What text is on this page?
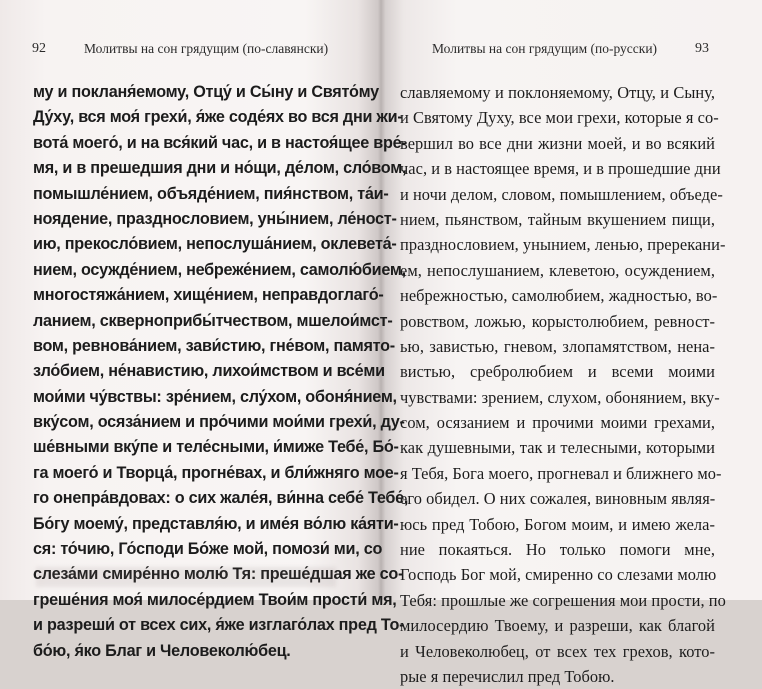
92	Молитвы на сон грядущим (по-славянски)
му и покланя́емому, Отцу́ и Сы́ну и Свято́му
Ду́ху, вся моя́ грехи́, я́же соде́ях во вся дни жи-
вота́ моего́, и на вся́кий час, и в настоя́щее вре́-
мя, и в прешедшия дни и но́щи, де́лом, сло́вом,
помышле́нием, объяде́нием, пия́нством, та́и-
ноядение, празднословием, уны́нием, ле́ност-
ию, прекосло́вием, непослуша́нием, оклевета́-
нием, осужде́нием, небреже́нием, самолю́бием,
многостяжа́нием, хище́нием, неправдоглаго́-
ланием, скверноприбы́тчеством, мшелои́мст-
вом, ревнова́нием, зави́стию, гне́вом, памято-
зло́бием, не́навистию, лихои́мством и все́ми
мои́ми чу́вствы: зре́нием, слу́хом, обоня́нием,
вку́сом, осяза́нием и про́чими мои́ми грехи́, ду-
ше́вными вку́пе и теле́сными, и́миже Тебе́, Бо́-
га моего́ и Творца́, прогне́вах, и бли́жняго мое-
го онепра́вдовах: о сих жале́я, ви́нна себе́ Тебе́,
Бо́гу моему́, представля́ю, и име́я во́лю ка́яти-
ся: то́чию, Го́споди Бо́же мой, помози́ ми, со
слеза́ми смире́нно молю́ Тя: преше́дшая же со-
греше́ния моя́ милосе́рдием Твои́м прости́ мя,
и разреши́ от всех сих, я́же изглаго́лах пред То-
бо́ю, я́ко Благ и Человеколю́бец.
Молитвы на сон грядущим (по-русски)	93
славляемому и поклоняемому, Отцу, и Сыну,
и Святому Духу, все мои грехи, которые я со-
вершил во все дни жизни моей, и во всякий
час, и в настоящее время, и в прошедшие дни
и ночи делом, словом, помышлением, объеде-
нием, пьянством, тайным вкушением пищи,
празднословием, унынием, ленью, пререкани-
ем, непослушанием, клеветою, осуждением,
небрежностью, самолюбием, жадностью, во-
ровством, ложью, корыстолюбием, ревност-
ью, завистью, гневом, злопамятством, нена-
вистью, сребролюбием и всеми моими
чувствами: зрением, слухом, обонянием, вку-
сом, осязанием и прочими моими грехами,
как душевными, так и телесными, которыми
я Тебя, Бога моего, прогневал и ближнего мо-
его обидел. О них сожалея, виновным являя-
юсь пред Тобою, Богом моим, и имею жела-
ние покаяться. Но только помоги мне,
Господь Бог мой, смиренно со слезами молю
Тебя: прошлые же согрешения мои прости, по
милосердию Твоему, и разреши, как благой
и Человеколюбец, от всех тех грехов, кото-
рые я перечислил пред Тобою.
